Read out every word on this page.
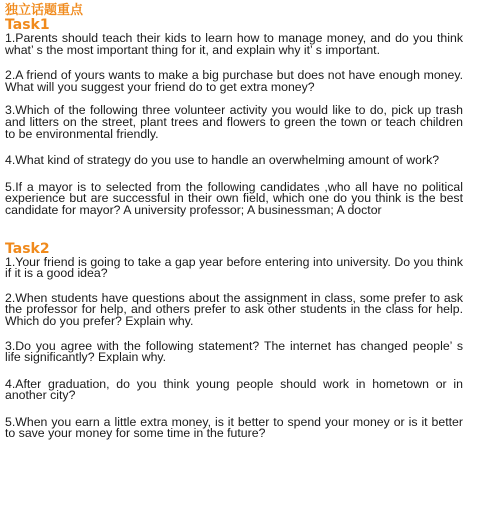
独立话题重点
Task1

1.Parents should teach their kids to learn how to manage money, and do you think what’ s the most important thing for it, and explain why it’ s important.

2.A friend of yours wants to make a big purchase but does not have enough money. What will you suggest your friend do to get extra money?

3.Which of the following three volunteer activity you would like to do, pick up trash and litters on the street, plant trees and flowers to green the town or teach children to be environmental friendly.

4.What kind of strategy do you use to handle an overwhelming amount of work?

5.If a mayor is to selected from the following candidates ,who all have no political experience but are successful in their own field, which one do you think is the best candidate for mayor? A university professor; A businessman; A doctor

Task2

1.Your friend is going to take a gap year before entering into university. Do you think if it is a good idea?

2.When students have questions about the assignment in class, some prefer to ask the professor for help, and others prefer to ask other students in the class for help. Which do you prefer? Explain why.

3.Do you agree with the following statement? The internet has changed people’ s life significantly? Explain why.

4.After graduation, do you think young people should work in hometown or in another city?

5.When you earn a little extra money, is it better to spend your money or is it better to save your money for some time in the future?
